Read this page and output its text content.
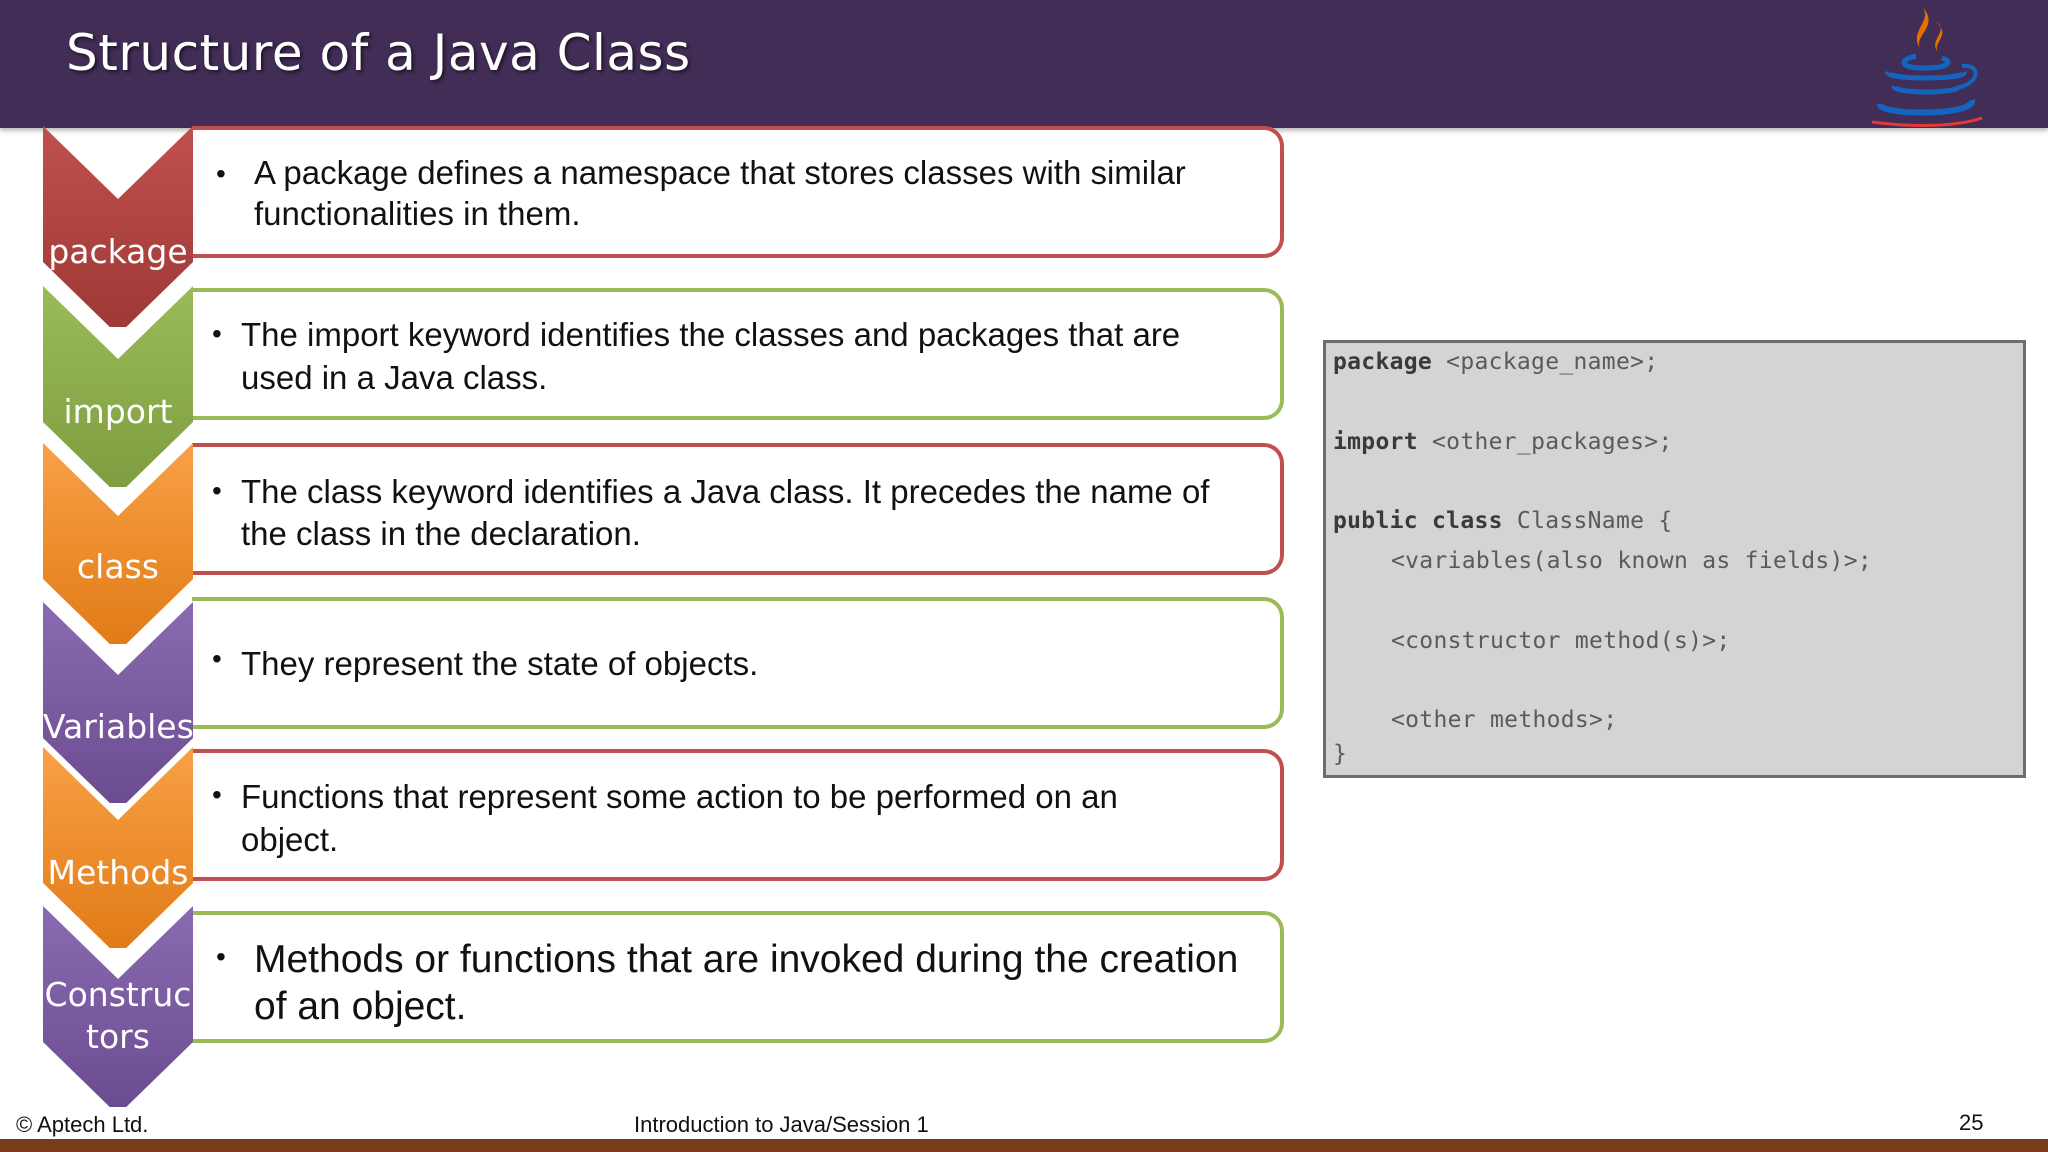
Structure of a Java Class
package
• A package defines a namespace that stores classes with similar
functionalities in them.
import
• The import keyword identifies the classes and packages that are
used in a Java class.
class
• The class keyword identifies a Java class. It precedes the name of
the class in the declaration.
Variables
• They represent the state of objects.
Methods
• Functions that represent some action to be performed on an
object.
Construc
tors
• Methods or functions that are invoked during the creation
of an object.
package <package_name>;
import <other_packages>;
public class ClassName {
<variables(also known as fields)>;
<constructor method(s)>;
<other methods>;
}
© Aptech Ltd.	Introduction to Java/Session 1	25
